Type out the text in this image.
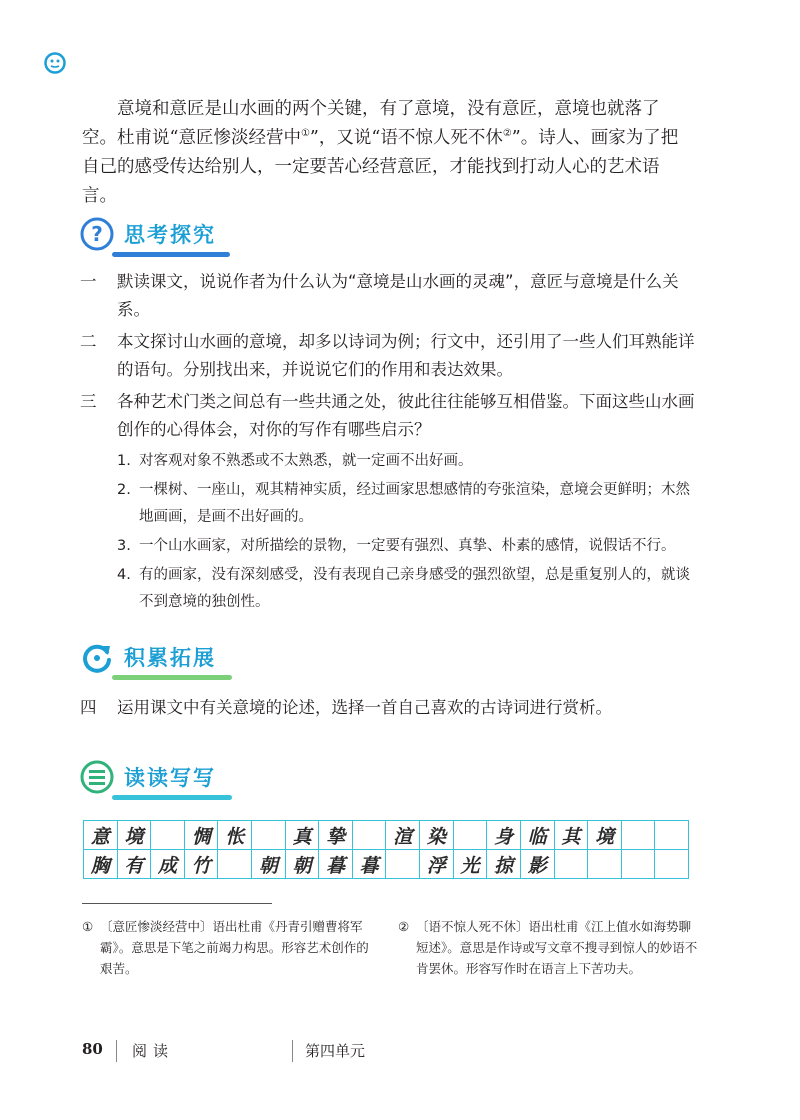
意境和意匠是山水画的两个关键，有了意境，没有意匠，意境也就落了空。杜甫说“意匠惨淡经营中①”，又说“语不惊人死不休②”。诗人、画家为了把自己的感受传达给别人，一定要苦心经营意匠，才能找到打动人心的艺术语言。

? 思考探究
一	默读课文，说说作者为什么认为“意境是山水画的灵魂”，意匠与意境是什么关系。
二	本文探讨山水画的意境，却多以诗词为例；行文中，还引用了一些人们耳熟能详的语句。分别找出来，并说说它们的作用和表达效果。
三	各种艺术门类之间总有一些共通之处，彼此往往能够互相借鉴。下面这些山水画创作的心得体会，对你的写作有哪些启示？
1. 对客观对象不熟悉或不太熟悉，就一定画不出好画。
2. 一棵树、一座山，观其精神实质，经过画家思想感情的夸张渲染，意境会更鲜明；木然地画画，是画不出好画的。
3. 一个山水画家，对所描绘的景物，一定要有强烈、真挚、朴素的感情，说假话不行。
4. 有的画家，没有深刻感受，没有表现自己亲身感受的强烈欲望，总是重复别人的，就谈不到意境的独创性。
积累拓展
四	运用课文中有关意境的论述，选择一首自己喜欢的古诗词进行赏析。
读读写写
意	境		惆	怅		真	挚		渲	染		身	临	其	境		
胸	有	成	竹		朝	朝	暮	暮		浮	光	掠	影				
① 〔意匠惨淡经营中〕语出杜甫《丹青引赠曹将军霸》。意思是下笔之前竭力构思。形容艺术创作的艰苦。
② 〔语不惊人死不休〕语出杜甫《江上值水如海势聊短述》。意思是作诗或写文章不搜寻到惊人的妙语不肯罢休。形容写作时在语言上下苦功夫。
80 阅读	第四单元
